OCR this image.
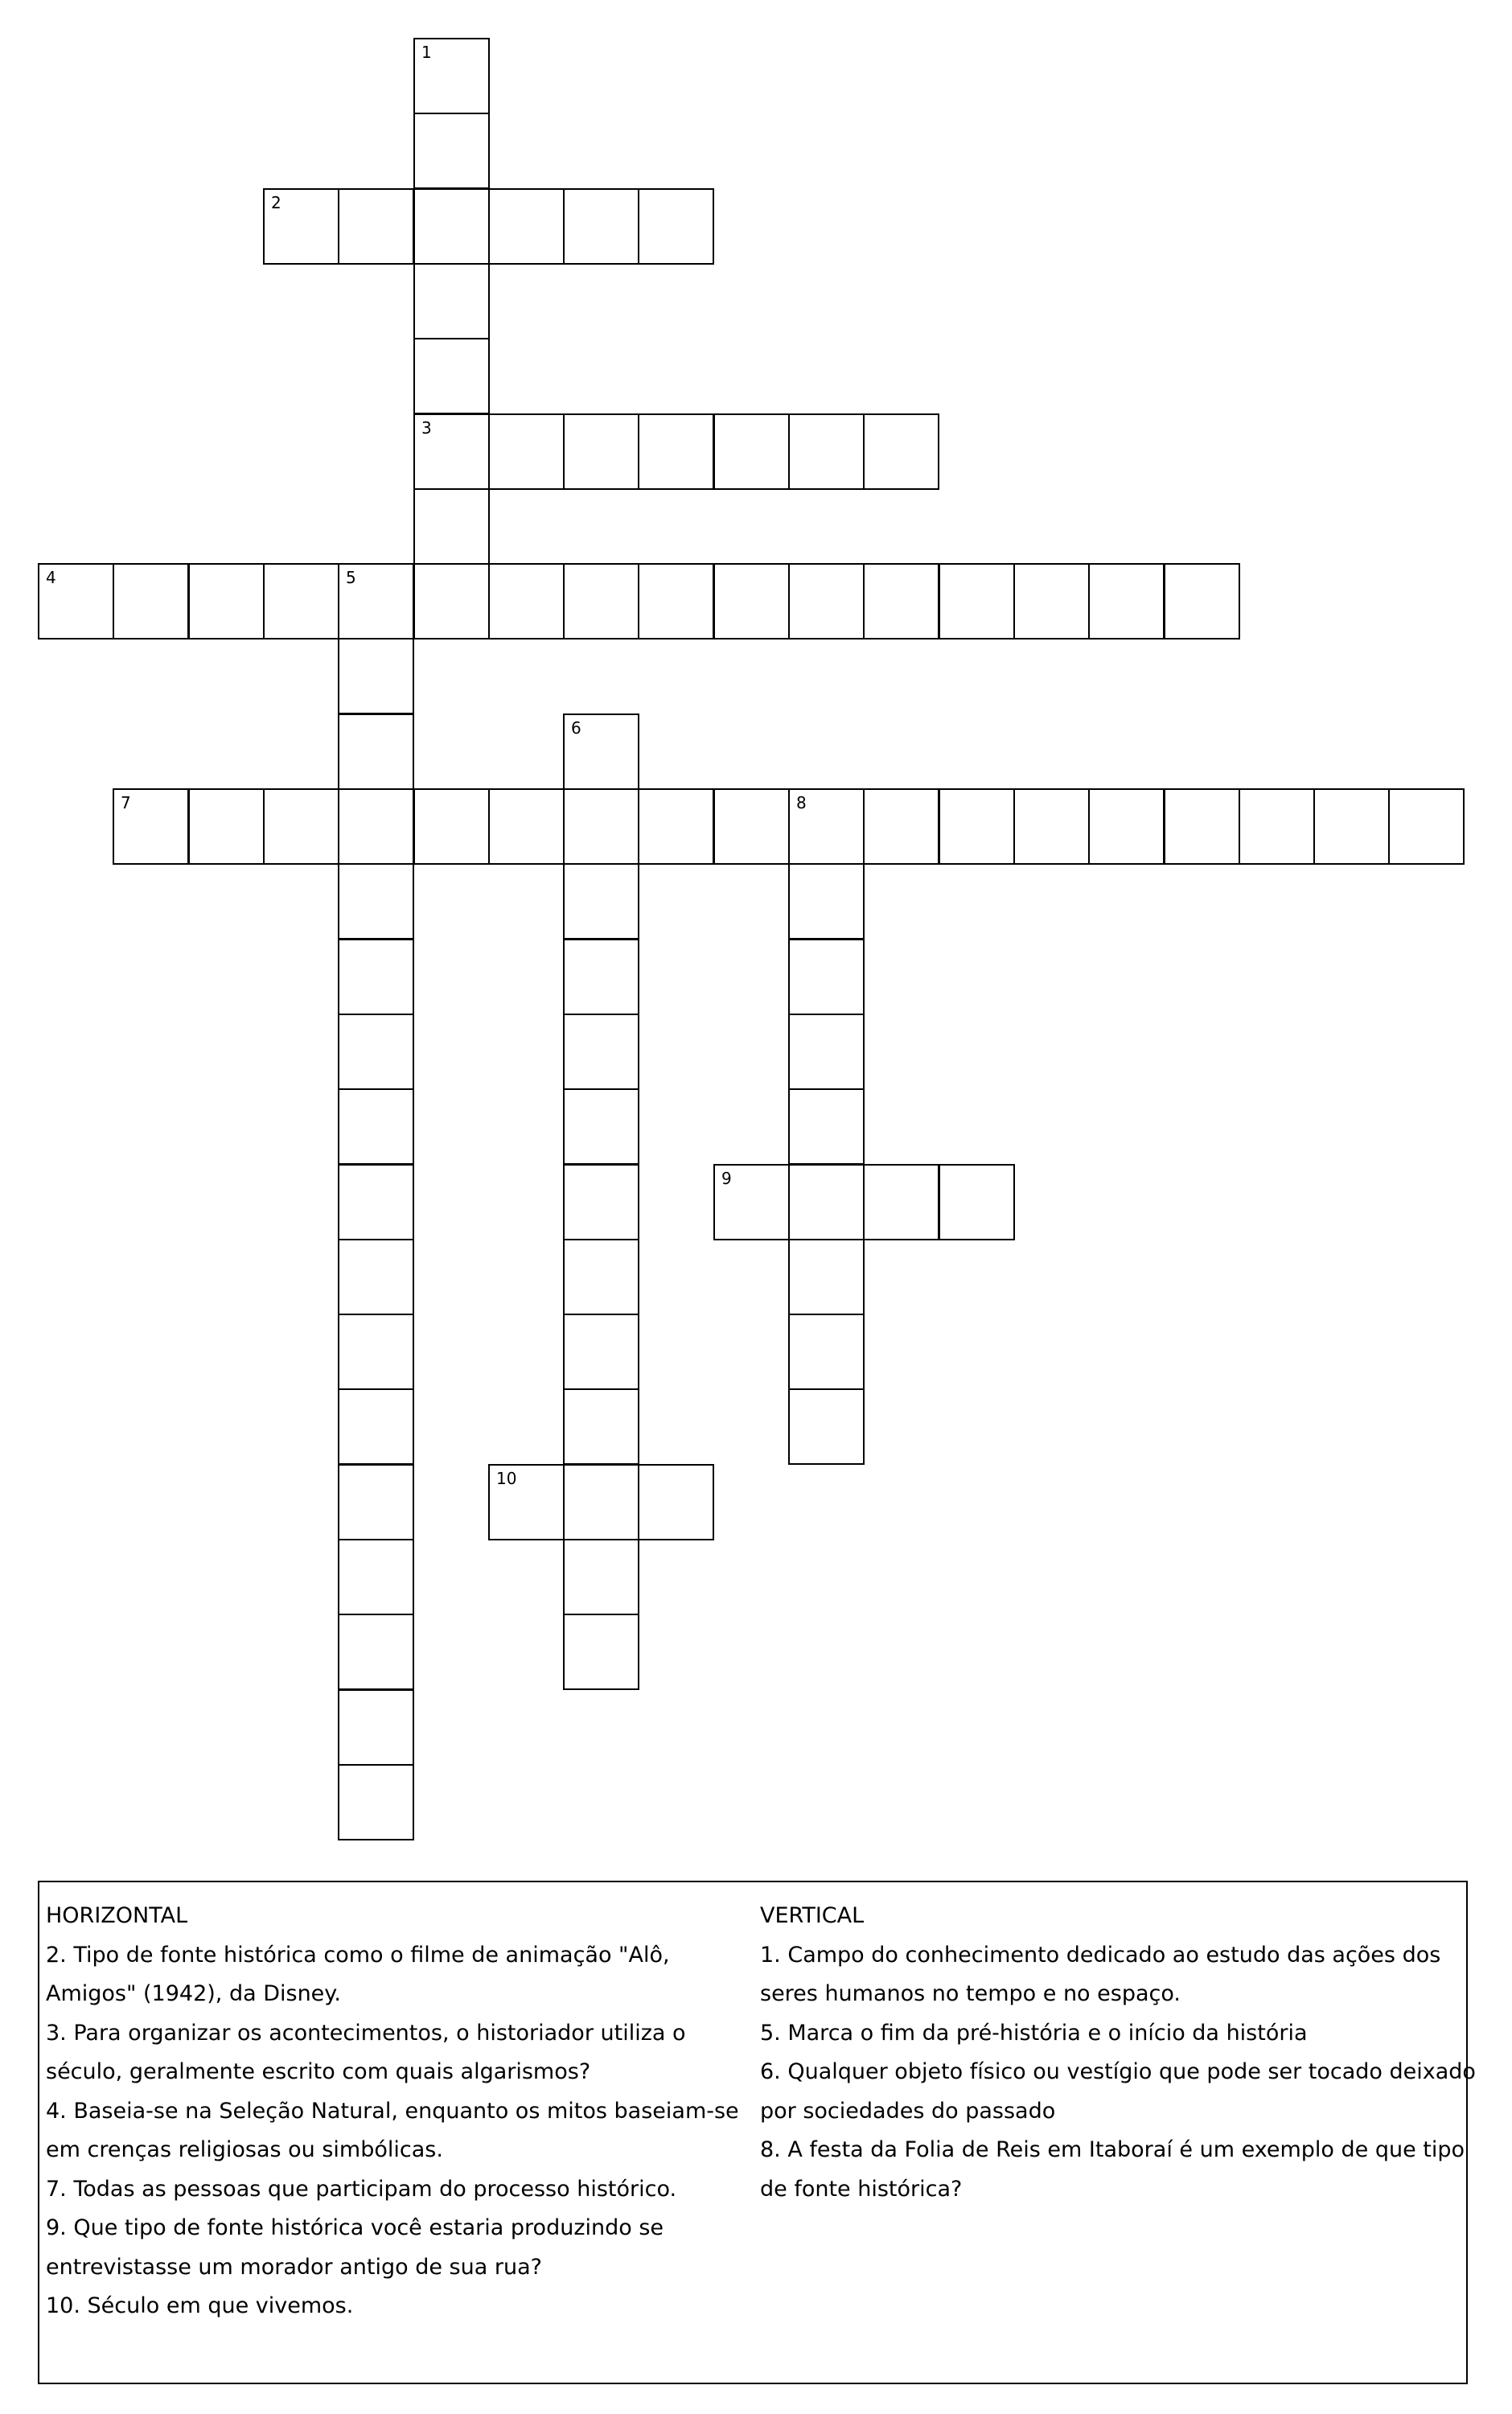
1
3
2
4	5
6
7	8
9
10
HORIZONTAL
2. Tipo de fonte histórica como o filme de animação "Alô,
Amigos" (1942), da Disney.
3. Para organizar os acontecimentos, o historiador utiliza o
século, geralmente escrito com quais algarismos?
4. Baseia-se na Seleção Natural, enquanto os mitos baseiam-se
em crenças religiosas ou simbólicas.
7. Todas as pessoas que participam do processo histórico.
9. Que tipo de fonte histórica você estaria produzindo se
entrevistasse um morador antigo de sua rua?
10. Século em que vivemos.
VERTICAL
1. Campo do conhecimento dedicado ao estudo das ações dos
seres humanos no tempo e no espaço.
5. Marca o fim da pré-história e o início da história
6. Qualquer objeto físico ou vestígio que pode ser tocado deixado
por sociedades do passado
8. A festa da Folia de Reis em Itaboraí é um exemplo de que tipo
de fonte histórica?
